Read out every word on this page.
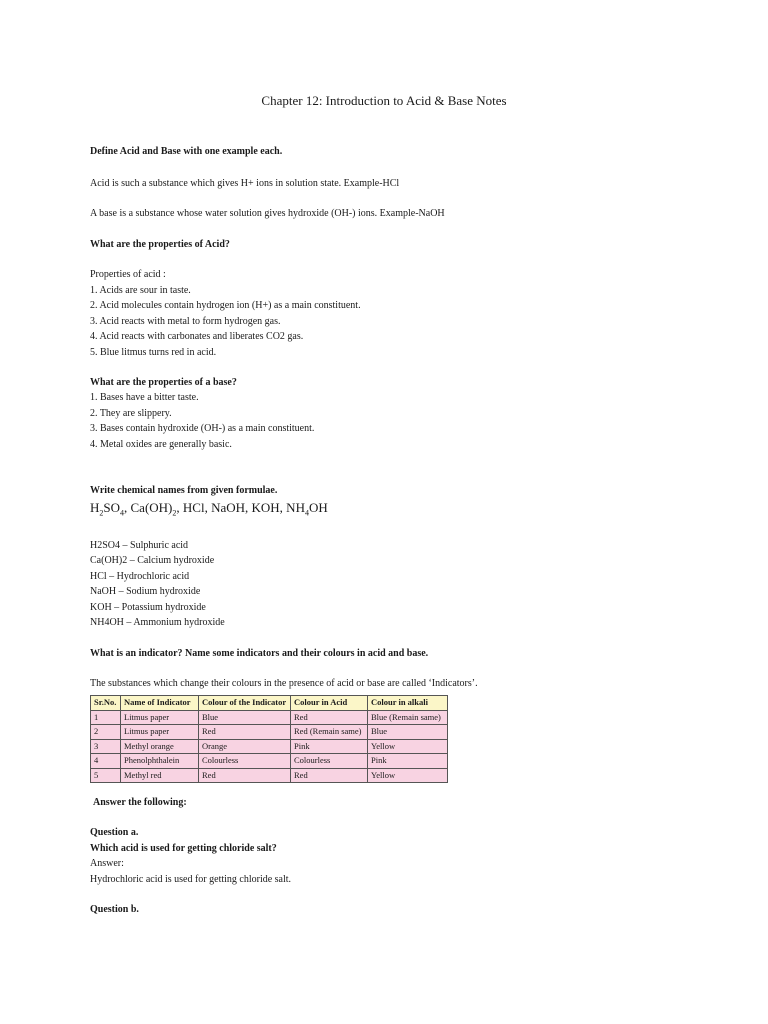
Chapter 12: Introduction to Acid & Base Notes
Define Acid and Base with one example each.
Acid is such a substance which gives H+ ions in solution state. Example-HCl
A base is a substance whose water solution gives hydroxide (OH-) ions. Example-NaOH
What are the properties of Acid?
Properties of acid :
1. Acids are sour in taste.
2. Acid molecules contain hydrogen ion (H+) as a main constituent.
3. Acid reacts with metal to form hydrogen gas.
4. Acid reacts with carbonates and liberates CO2 gas.
5. Blue litmus turns red in acid.
What are the properties of a base?
1. Bases have a bitter taste.
2. They are slippery.
3. Bases contain hydroxide (OH-) as a main constituent.
4. Metal oxides are generally basic.
Write chemical names from given formulae.
$H_2SO_4$, $Ca(OH)_2$, HCl, NaOH, KOH, $NH_4OH$
H2SO4 – Sulphuric acid
Ca(OH)2 – Calcium hydroxide
HCl – Hydrochloric acid
NaOH – Sodium hydroxide
KOH – Potassium hydroxide
NH4OH – Ammonium hydroxide
What is an indicator? Name some indicators and their colours in acid and base.
The substances which change their colours in the presence of acid or base are called ‘Indicators’.
Sr.No.	Name of Indicator	Colour of the Indicator	Colour in Acid	Colour in alkali
1	Litmus paper	Blue	Red	Blue (Remain same)
2	Litmus paper	Red	Red (Remain same)	Blue
3	Methyl orange	Orange	Pink	Yellow
4	Phenolphthalein	Colourless	Colourless	Pink
5	Methyl red	Red	Red	Yellow
Answer the following:
Question a.
Which acid is used for getting chloride salt?
Answer:
Hydrochloric acid is used for getting chloride salt.
Question b.
